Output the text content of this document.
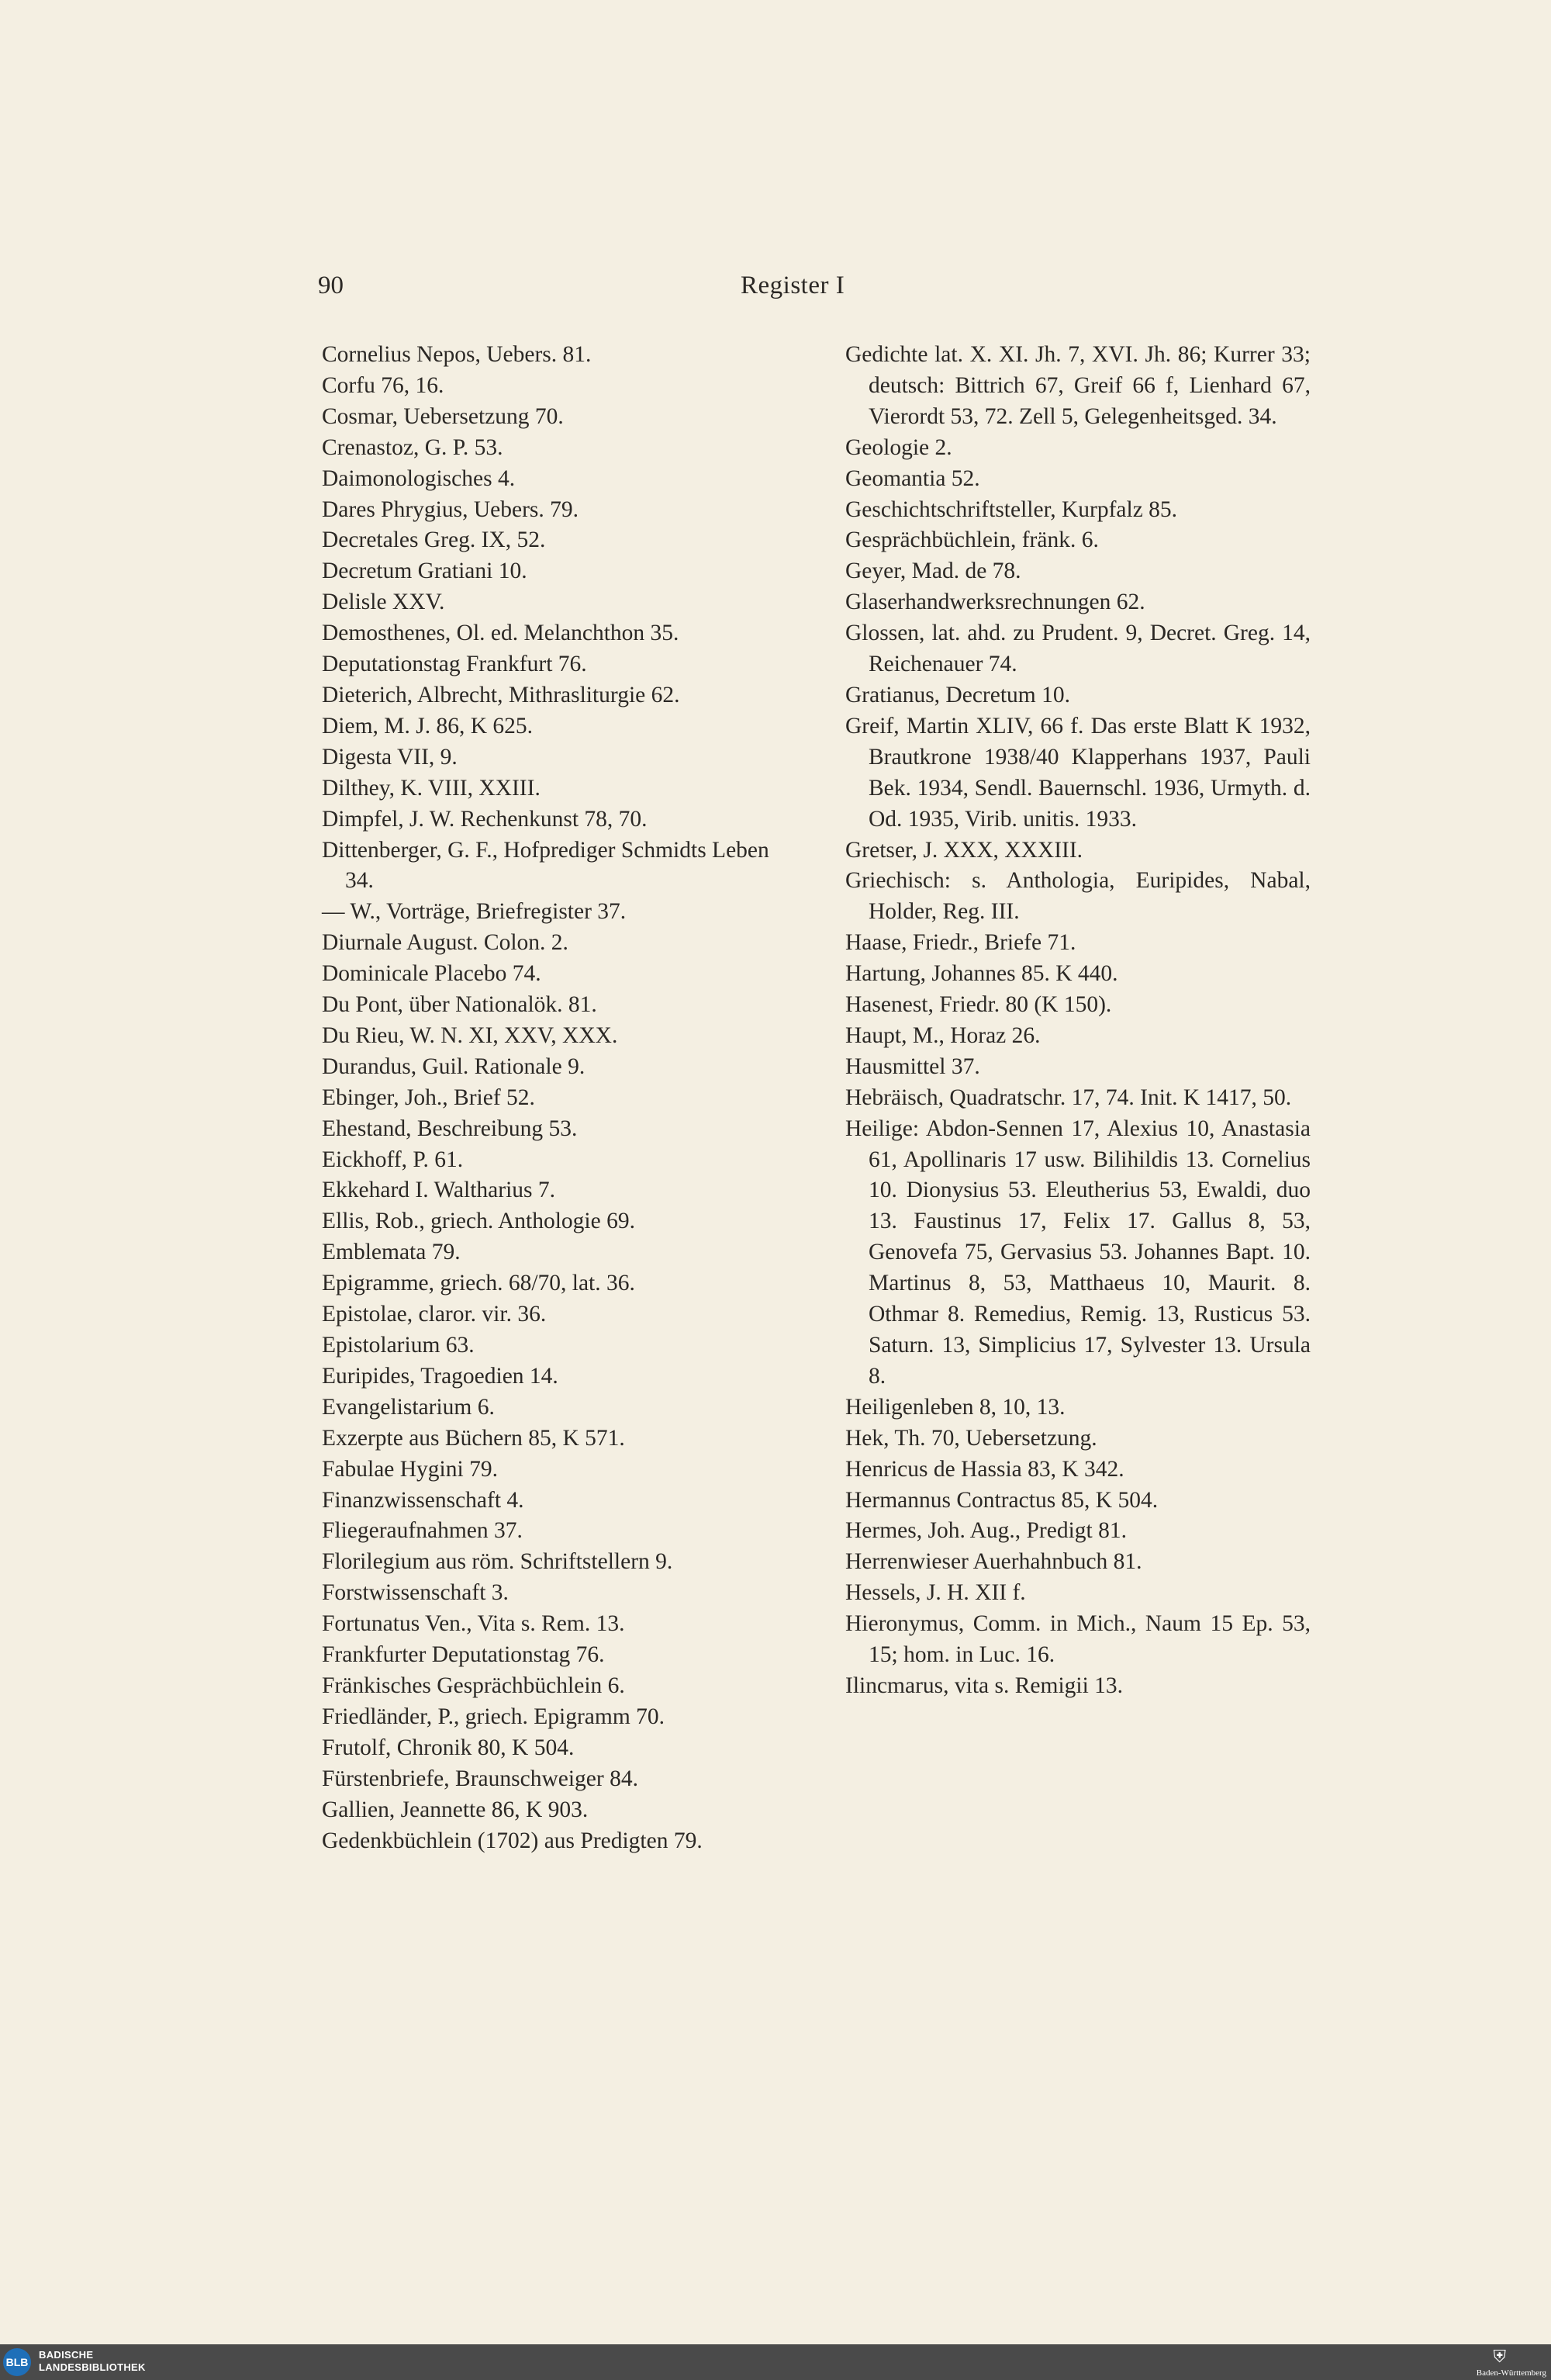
90	Register I

Cornelius Nepos, Uebers. 81.

Corfu 76, 16.

Cosmar, Uebersetzung 70.

Crenastoz, G. P. 53.

Daimonologisches 4.

Dares Phrygius, Uebers. 79.

Decretales Greg. IX, 52.

Decretum Gratiani 10.

Delisle XXV.

Demosthenes, Ol. ed. Melanchthon 35.

Deputationstag Frankfurt 76.

Dieterich, Albrecht, Mithrasliturgie 62.

Diem, M. J. 86, K 625.

Digesta VII, 9.

Dilthey, K. VIII, XXIII.

Dimpfel, J. W. Rechenkunst 78, 70.

Dittenberger, G. F., Hofprediger Schmidts Leben 34.

— W., Vorträge, Briefregister 37.

Diurnale August. Colon. 2.

Dominicale Placebo 74.

Du Pont, über Nationalök. 81.

Du Rieu, W. N. XI, XXV, XXX.

Durandus, Guil. Rationale 9.

Ebinger, Joh., Brief 52.

Ehestand, Beschreibung 53.

Eickhoff, P. 61.

Ekkehard I. Waltharius 7.

Ellis, Rob., griech. Anthologie 69.

Emblemata 79.

Epigramme, griech. 68/70, lat. 36.

Epistolae, claror. vir. 36.

Epistolarium 63.

Euripides, Tragoedien 14.

Evangelistarium 6.

Exzerpte aus Büchern 85, K 571.

Fabulae Hygini 79.

Finanzwissenschaft 4.

Fliegeraufnahmen 37.

Florilegium aus röm. Schriftstellern 9.

Forstwissenschaft 3.

Fortunatus Ven., Vita s. Rem. 13.

Frankfurter Deputationstag 76.

Fränkisches Gesprächbüchlein 6.

Friedländer, P., griech. Epigramm 70.

Frutolf, Chronik 80, K 504.

Fürstenbriefe, Braunschweiger 84.

Gallien, Jeannette 86, K 903.

Gedenkbüchlein (1702) aus Predigten 79.

Gedichte lat. X. XI. Jh. 7, XVI. Jh. 86; Kurrer 33; deutsch: Bittrich 67, Greif 66 f, Lienhard 67, Vierordt 53, 72. Zell 5, Gelegenheitsged. 34.

Geologie 2.

Geomantia 52.

Geschichtschriftsteller, Kurpfalz 85.

Gesprächbüchlein, fränk. 6.

Geyer, Mad. de 78.

Glaserhandwerksrechnungen 62.

Glossen, lat. ahd. zu Prudent. 9, Decret. Greg. 14, Reichenauer 74.

Gratianus, Decretum 10.

Greif, Martin XLIV, 66 f. Das erste Blatt K 1932, Brautkrone 1938/40 Klapperhans 1937, Pauli Bek. 1934, Sendl. Bauernschl. 1936, Urmyth. d. Od. 1935, Virib. unitis. 1933.

Gretser, J. XXX, XXXIII.

Griechisch: s. Anthologia, Euripides, Nabal, Holder, Reg. III.

Haase, Friedr., Briefe 71.

Hartung, Johannes 85. K 440.

Hasenest, Friedr. 80 (K 150).

Haupt, M., Horaz 26.

Hausmittel 37.

Hebräisch, Quadratschr. 17, 74. Init. K 1417, 50.

Heilige: Abdon-Sennen 17, Alexius 10, Anastasia 61, Apollinaris 17 usw. Bilihildis 13. Cornelius 10. Dionysius 53. Eleutherius 53, Ewaldi, duo 13. Faustinus 17, Felix 17. Gallus 8, 53, Genovefa 75, Gervasius 53. Johannes Bapt. 10. Martinus 8, 53, Matthaeus 10, Maurit. 8. Othmar 8. Remedius, Remig. 13, Rusticus 53. Saturn. 13, Simplicius 17, Sylvester 13. Ursula 8.

Heiligenleben 8, 10, 13.

Hek, Th. 70, Uebersetzung.

Henricus de Hassia 83, K 342.

Hermannus Contractus 85, K 504.

Hermes, Joh. Aug., Predigt 81.

Herrenwieser Auerhahnbuch 81.

Hessels, J. H. XII f.

Hieronymus, Comm. in Mich., Naum 15 Ep. 53, 15; hom. in Luc. 16.

Ilincmarus, vita s. Remigii 13.

BLB
BADISCHE
LANDESBIBLIOTHEK
⛨
Baden-Württemberg
